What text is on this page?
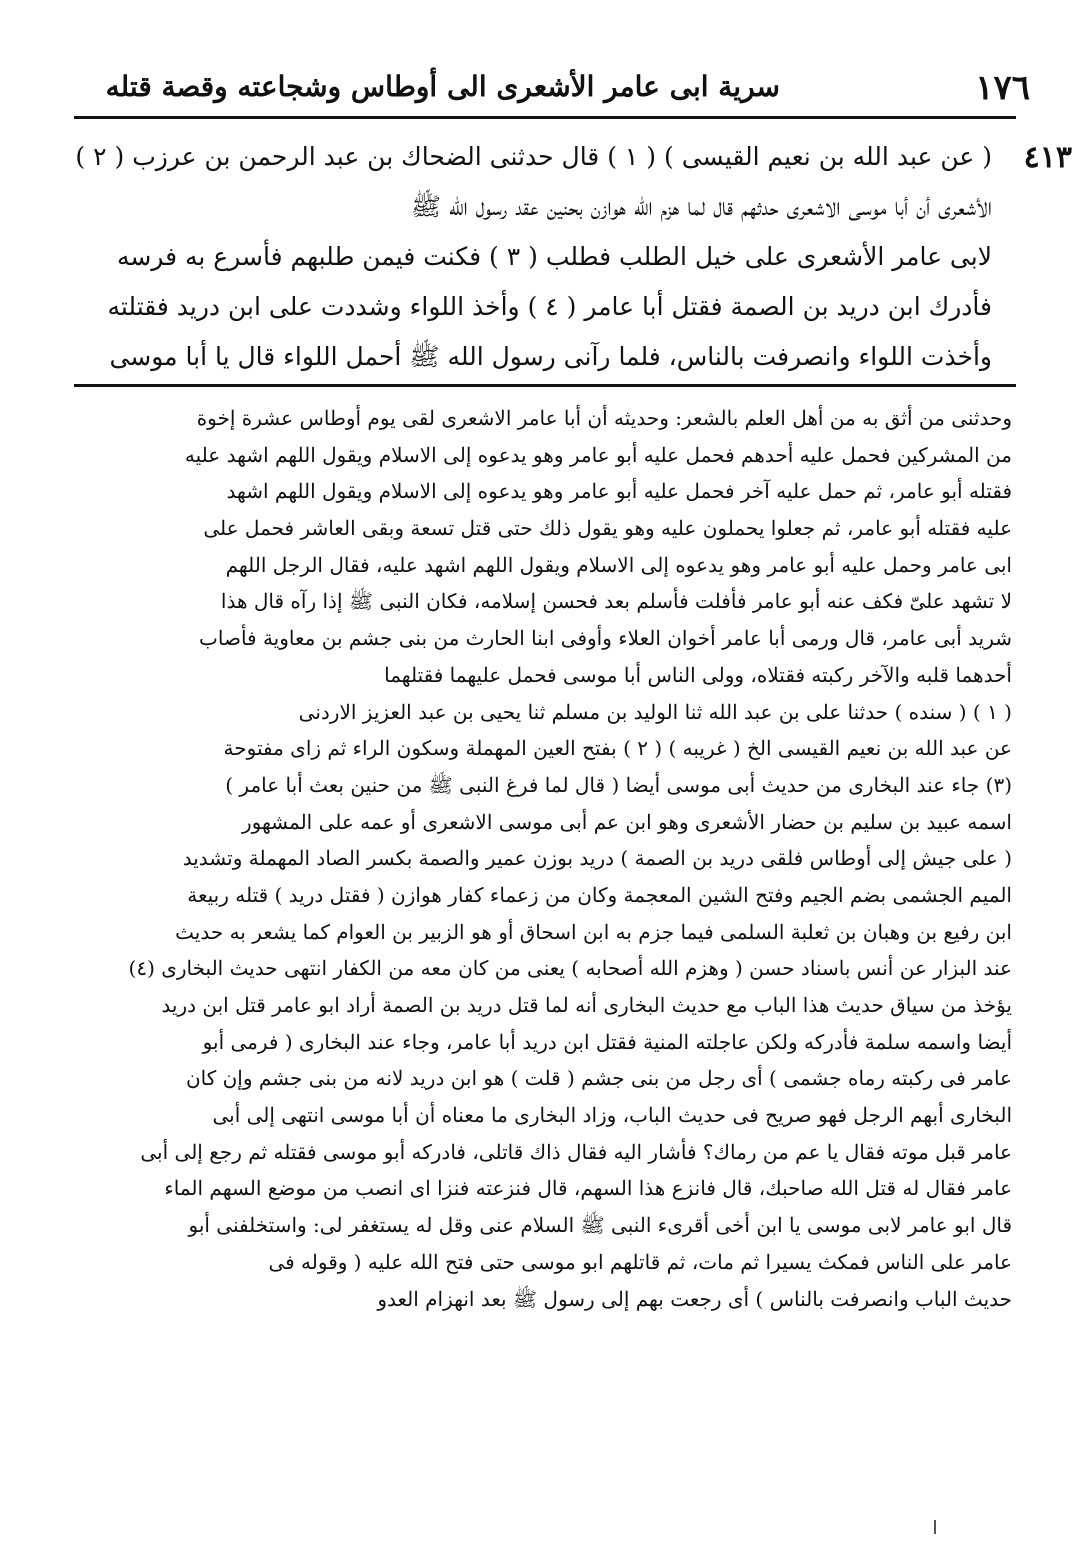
١٧٦
سرية ابى عامر الأشعرى الى أوطاس وشجاعته وقصة قتله
٤١٣

( عن عبد الله بن نعيم القيسى ) ( ١ ) قال حدثنى الضحاك بن عبد الرحمن بن عرزب ( ٢ )

الأشعرى أن أبا موسى الاشعرى حدثهم قال لما هزم الله هوازن بحنين عقد رسول الله ﷺ

لابى عامر الأشعرى على خيل الطلب فطلب ( ٣ ) فكنت فيمن طلبهم فأسرع به فرسه

فأدرك ابن دريد بن الصمة فقتل أبا عامر ( ٤ ) وأخذ اللواء وشددت على ابن دريد فقتلته

وأخذت اللواء وانصرفت بالناس، فلما رآنى رسول الله ﷺ أحمل اللواء قال يا أبا موسى

وحدثنى من أثق به من أهل العلم بالشعر: وحديثه أن أبا عامر الاشعرى لقى يوم أوطاس عشرة إخوة

من المشركين فحمل عليه أحدهم فحمل عليه أبو عامر وهو يدعوه إلى الاسلام ويقول اللهم اشهد عليه

فقتله أبو عامر، ثم حمل عليه آخر فحمل عليه أبو عامر وهو يدعوه إلى الاسلام ويقول اللهم اشهد

عليه فقتله أبو عامر، ثم جعلوا يحملون عليه وهو يقول ذلك حتى قتل تسعة وبقى العاشر فحمل على

ابى عامر وحمل عليه أبو عامر وهو يدعوه إلى الاسلام ويقول اللهم اشهد عليه، فقال الرجل اللهم

لا تشهد علىّ فكف عنه أبو عامر فأفلت فأسلم بعد فحسن إسلامه، فكان النبى ﷺ إذا رآه قال هذا

شريد أبى عامر، قال ورمى أبا عامر أخوان العلاء وأوفى ابنا الحارث من بنى جشم بن معاوية فأصاب

أحدهما قلبه والآخر ركبته فقتلاه، وولى الناس أبا موسى فحمل عليهما فقتلهما

( ١ ) ( سنده ) حدثنا على بن عبد الله ثنا الوليد بن مسلم ثنا يحيى بن عبد العزيز الاردنى

عن عبد الله بن نعيم القيسى الخ ( غريبه ) ( ٢ ) بفتح العين المهملة وسكون الراء ثم زاى مفتوحة

(٣) جاء عند البخارى من حديث أبى موسى أيضا ( قال لما فرغ النبى ﷺ من حنين بعث أبا عامر )

اسمه عبيد بن سليم بن حضار الأشعرى وهو ابن عم أبى موسى الاشعرى أو عمه على المشهور

( على جيش إلى أوطاس فلقى دريد بن الصمة ) دريد بوزن عمير والصمة بكسر الصاد المهملة وتشديد

الميم الجشمى بضم الجيم وفتح الشين المعجمة وكان من زعماء كفار هوازن ( فقتل دريد ) قتله ربيعة

ابن رفيع بن وهبان بن ثعلبة السلمى فيما جزم به ابن اسحاق أو هو الزبير بن العوام كما يشعر به حديث

عند البزار عن أنس باسناد حسن ( وهزم الله أصحابه ) يعنى من كان معه من الكفار انتهى حديث البخارى (٤)

يؤخذ من سياق حديث هذا الباب مع حديث البخارى أنه لما قتل دريد بن الصمة أراد ابو عامر قتل ابن دريد

أيضا واسمه سلمة فأدركه ولكن عاجلته المنية فقتل ابن دريد أبا عامر، وجاء عند البخارى ( فرمى أبو

عامر فى ركبته رماه جشمى ) أى رجل من بنى جشم ( قلت ) هو ابن دريد لانه من بنى جشم وإن كان

البخارى أبهم الرجل فهو صريح فى حديث الباب، وزاد البخارى ما معناه أن أبا موسى انتهى إلى أبى

عامر قبل موته فقال يا عم من رماك؟ فأشار اليه فقال ذاك قاتلى، فادركه أبو موسى فقتله ثم رجع إلى أبى

عامر فقال له قتل الله صاحبك، قال فانزع هذا السهم، قال فنزعته فنزا اى انصب من موضع السهم الماء

قال ابو عامر لابى موسى يا ابن أخى أقرىء النبى ﷺ السلام عنى وقل له يستغفر لى: واستخلفنى أبو

عامر على الناس فمكث يسيرا ثم مات، ثم قاتلهم ابو موسى حتى فتح الله عليه ( وقوله فى

حديث الباب وانصرفت بالناس ) أى رجعت بهم إلى رسول ﷺ بعد انهزام العدو
